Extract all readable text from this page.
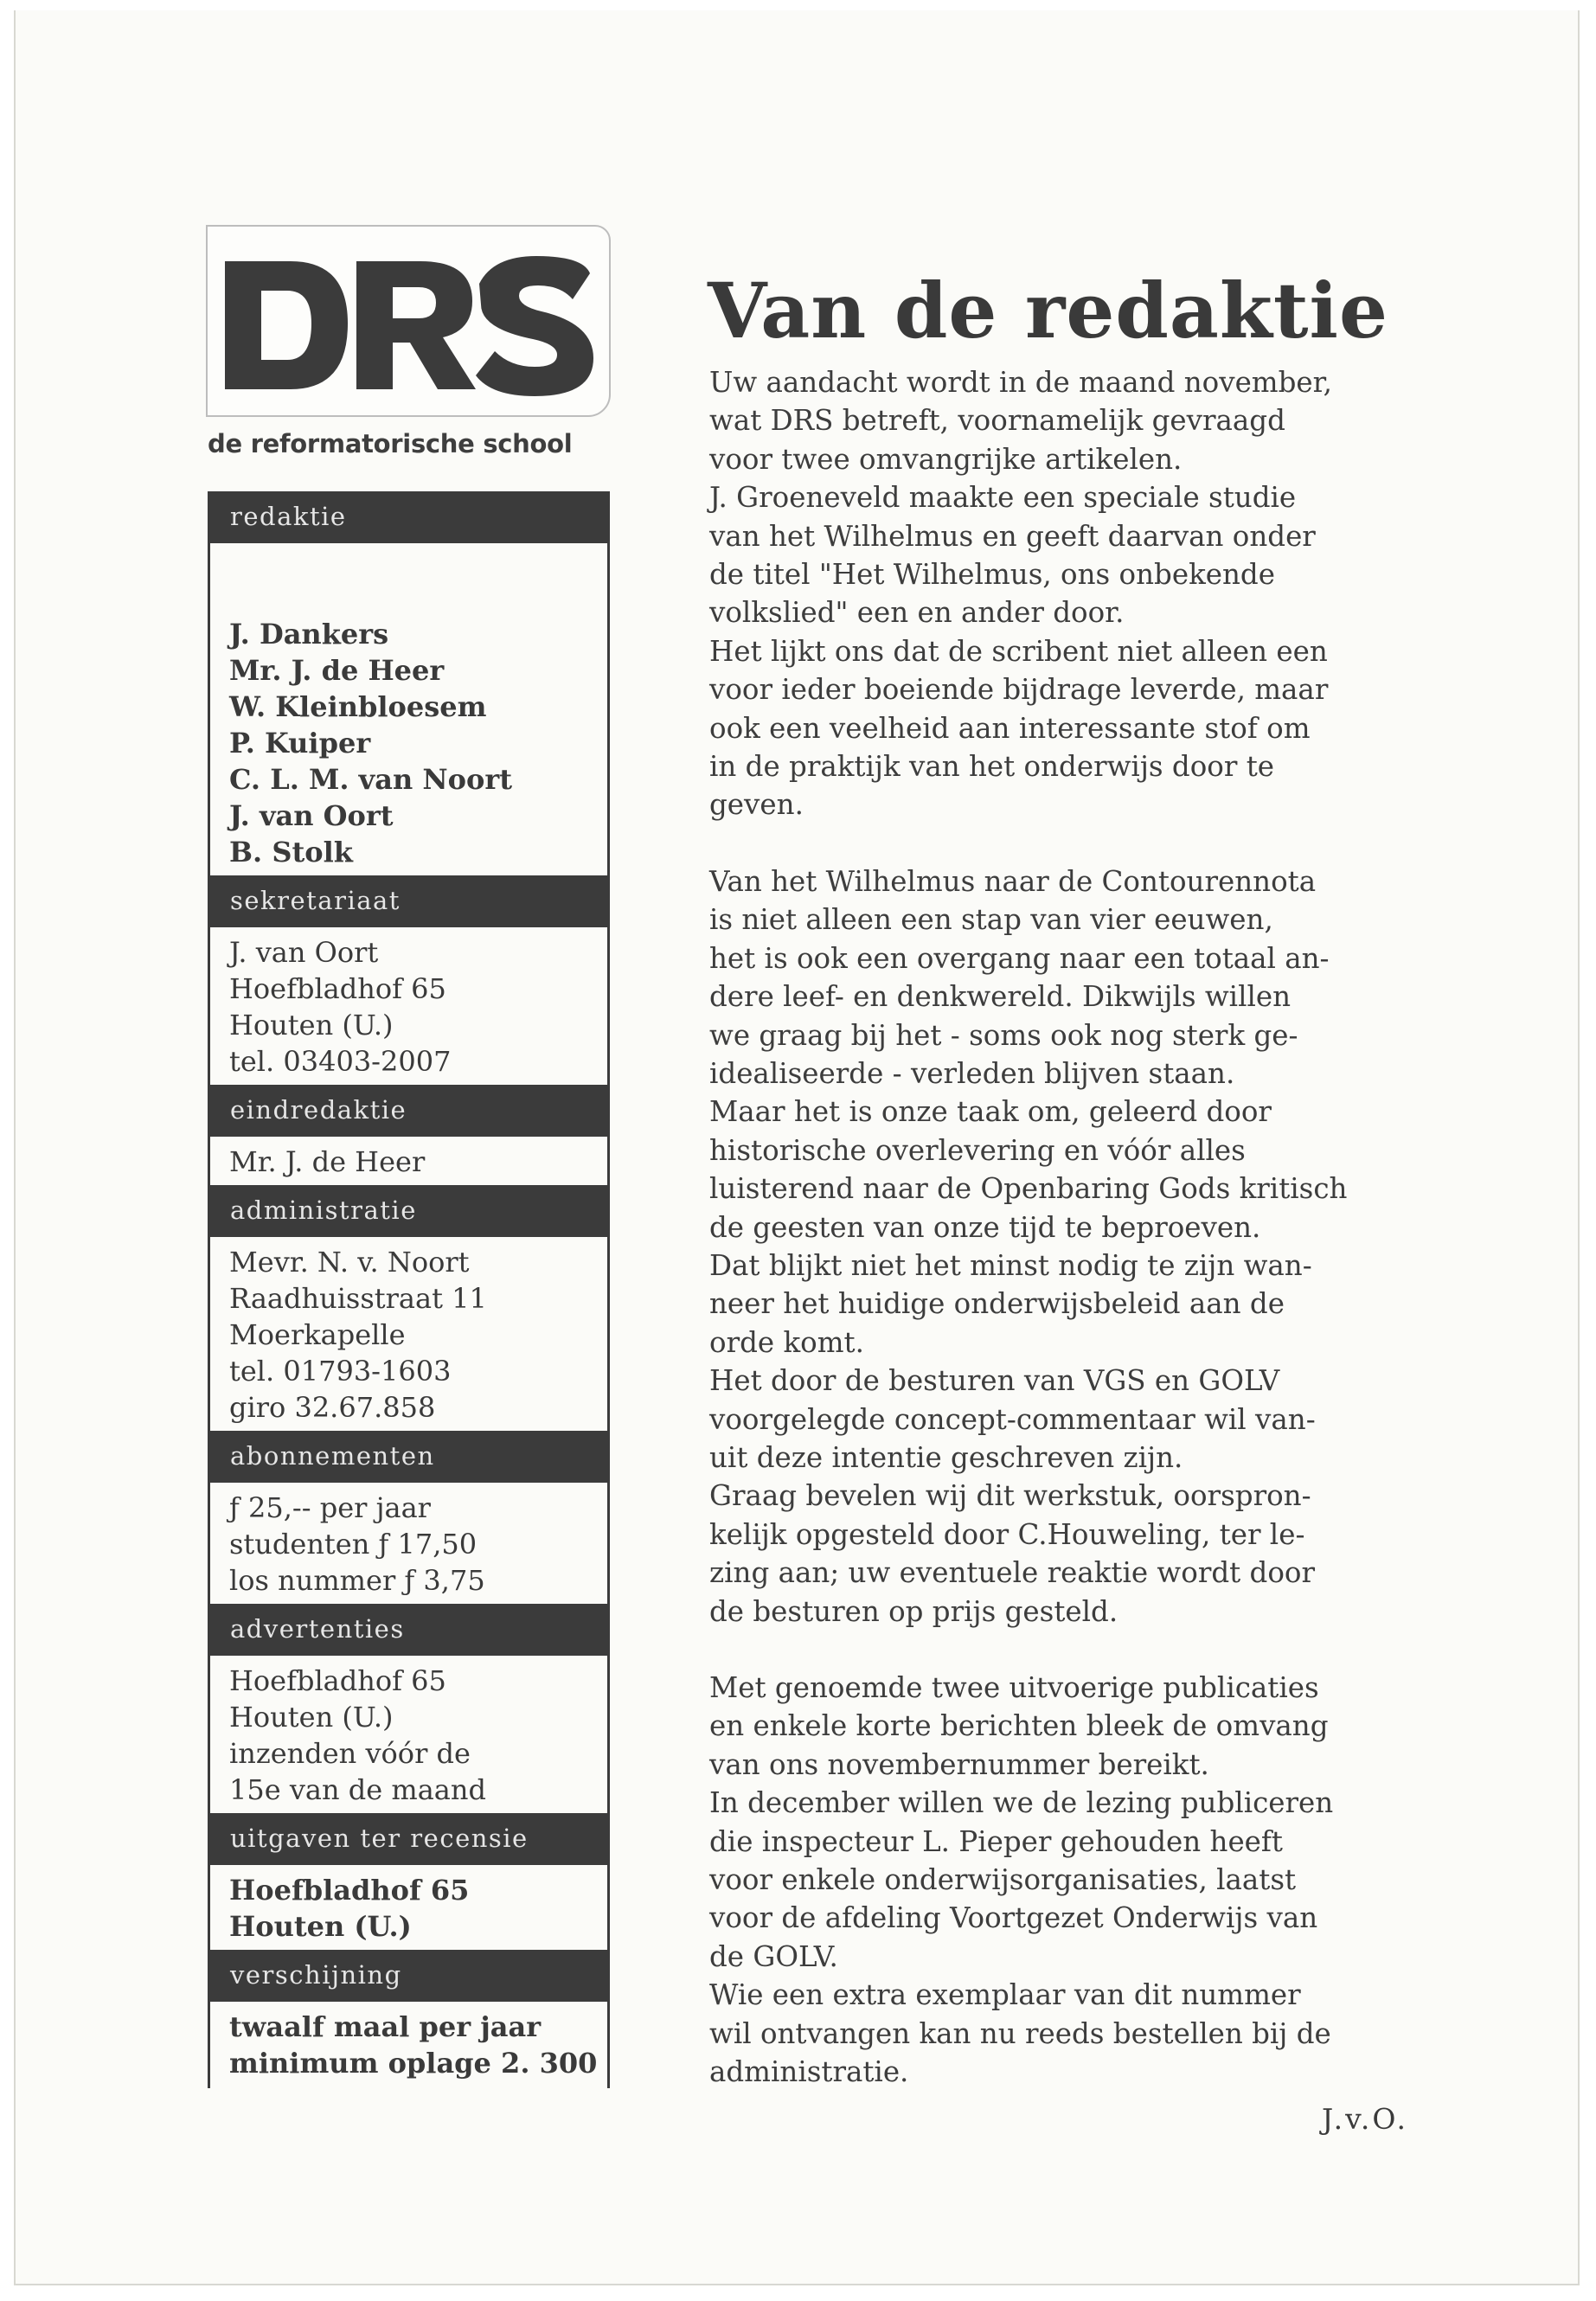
de reformatorische school
redaktie
J. Dankers
Mr. J. de Heer
W. Kleinbloesem
P. Kuiper
C. L. M. van Noort
J. van Oort
B. Stolk
sekretariaat
J. van Oort
Hoefbladhof 65
Houten (U.)
tel. 03403-2007
eindredaktie
Mr. J. de Heer
administratie
Mevr. N. v. Noort
Raadhuisstraat 11
Moerkapelle
tel. 01793-1603
giro 32.67.858
abonnementen
ƒ 25,-- per jaar
studenten ƒ 17,50
los nummer ƒ 3,75
advertenties
Hoefbladhof 65
Houten (U.)
inzenden vóór de
15e van de maand
uitgaven ter recensie
Hoefbladhof 65
Houten (U.)
verschijning
twaalf maal per jaar
minimum oplage 2. 300
Van de redaktie

Uw aandacht wordt in de maand november,
wat DRS betreft, voornamelijk gevraagd
voor twee omvangrijke artikelen.
J. Groeneveld maakte een speciale studie
van het Wilhelmus en geeft daarvan onder
de titel "Het Wilhelmus, ons onbekende
volkslied" een en ander door.
Het lijkt ons dat de scribent niet alleen een
voor ieder boeiende bijdrage leverde, maar
ook een veelheid aan interessante stof om
in de praktijk van het onderwijs door te
geven.

Van het Wilhelmus naar de Contourennota
is niet alleen een stap van vier eeuwen,
het is ook een overgang naar een totaal an-
dere leef- en denkwereld. Dikwijls willen
we graag bij het - soms ook nog sterk ge-
idealiseerde - verleden blijven staan.
Maar het is onze taak om, geleerd door
historische overlevering en vóór alles
luisterend naar de Openbaring Gods kritisch
de geesten van onze tijd te beproeven.
Dat blijkt niet het minst nodig te zijn wan-
neer het huidige onderwijsbeleid aan de
orde komt.
Het door de besturen van VGS en GOLV
voorgelegde concept-commentaar wil van-
uit deze intentie geschreven zijn.
Graag bevelen wij dit werkstuk, oorspron-
kelijk opgesteld door C.Houweling, ter le-
zing aan; uw eventuele reaktie wordt door
de besturen op prijs gesteld.

Met genoemde twee uitvoerige publicaties
en enkele korte berichten bleek de omvang
van ons novembernummer bereikt.
In december willen we de lezing publiceren
die inspecteur L. Pieper gehouden heeft
voor enkele onderwijsorganisaties, laatst
voor de afdeling Voortgezet Onderwijs van
de GOLV.
Wie een extra exemplaar van dit nummer
wil ontvangen kan nu reeds bestellen bij de
administratie.

J.v.O.
